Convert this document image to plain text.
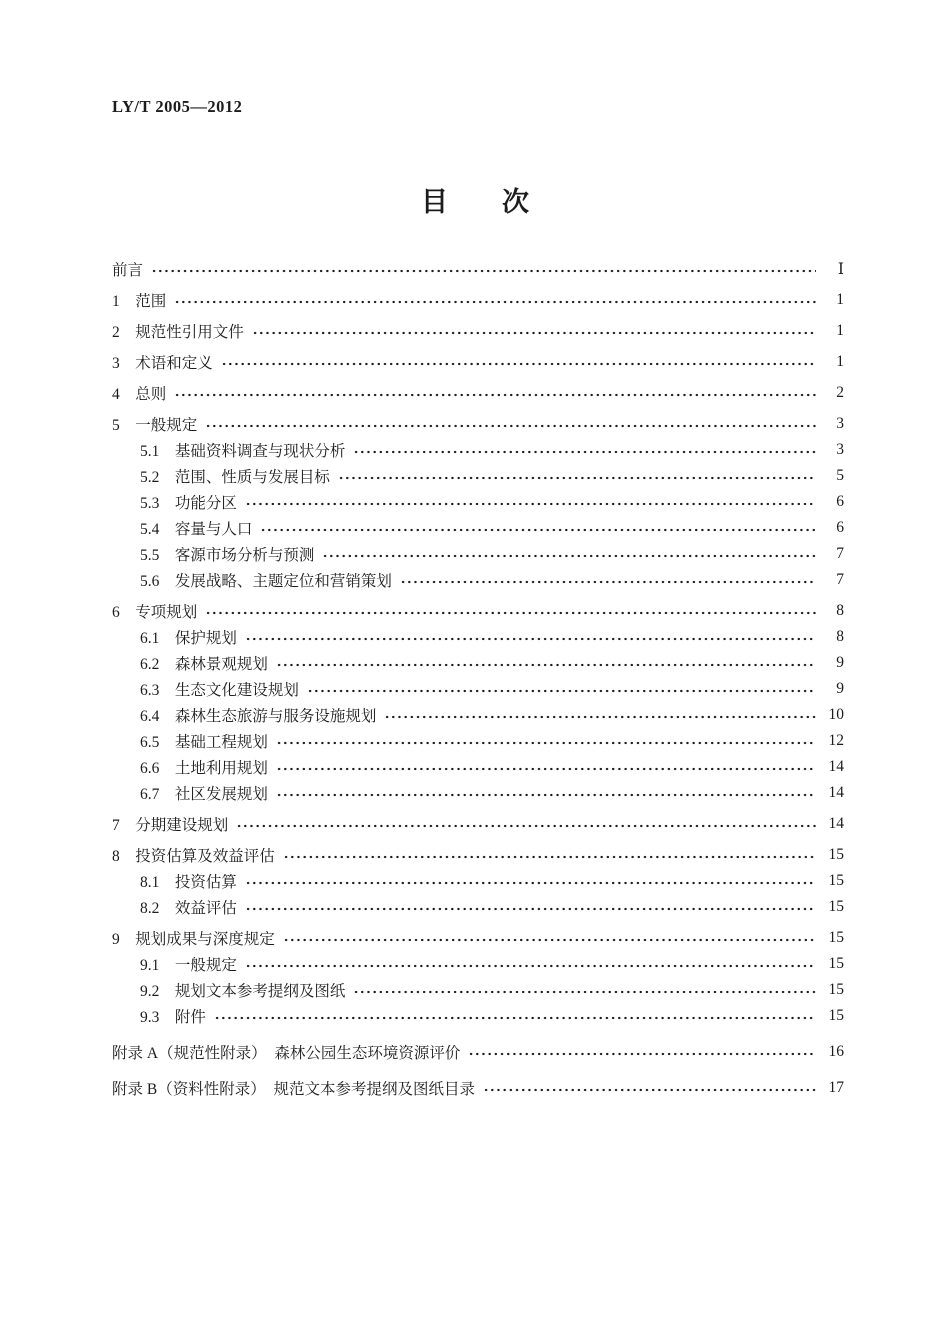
LY/T 2005—2012
目　　次
前言	Ⅰ
1　范围	1
2　规范性引用文件	1
3　术语和定义	1
4　总则	2
5　一般规定	3
5.1　基础资料调查与现状分析	3
5.2　范围、性质与发展目标	5
5.3　功能分区	6
5.4　容量与人口	6
5.5　客源市场分析与预测	7
5.6　发展战略、主题定位和营销策划	7
6　专项规划	8
6.1　保护规划	8
6.2　森林景观规划	9
6.3　生态文化建设规划	9
6.4　森林生态旅游与服务设施规划	10
6.5　基础工程规划	12
6.6　土地利用规划	14
6.7　社区发展规划	14
7　分期建设规划	14
8　投资估算及效益评估	15
8.1　投资估算	15
8.2　效益评估	15
9　规划成果与深度规定	15
9.1　一般规定	15
9.2　规划文本参考提纲及图纸	15
9.3　附件	15
附录 A（规范性附录）　森林公园生态环境资源评价	16
附录 B（资料性附录）　规范文本参考提纲及图纸目录	17
